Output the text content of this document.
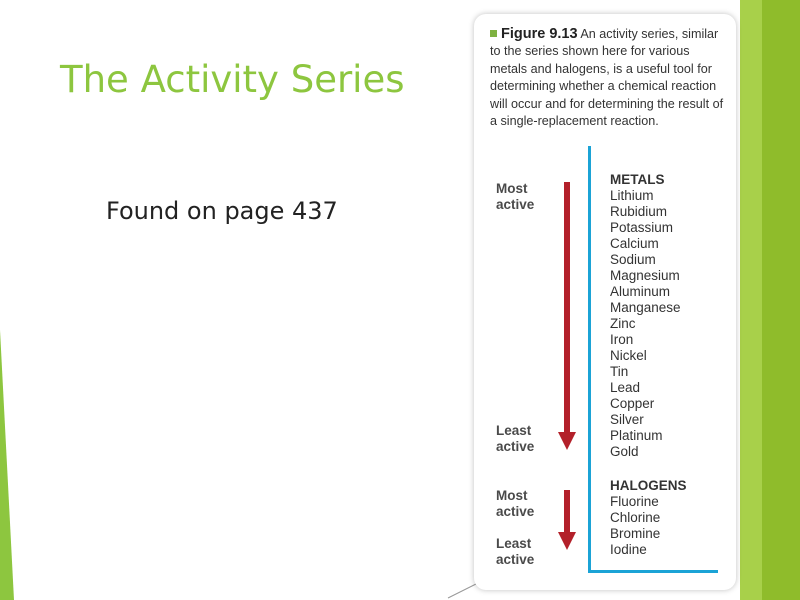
The Activity Series
Found on page 437
Figure 9.13 An activity series, similar to the series shown here for various metals and halogens, is a useful tool for determining whether a chemical reaction will occur and for determining the result of a single-replacement reaction.
Most active
Least active
METALS
Lithium
Rubidium
Potassium
Calcium
Sodium
Magnesium
Aluminum
Manganese
Zinc
Iron
Nickel
Tin
Lead
Copper
Silver
Platinum
Gold
HALOGENS
Most active
Least active
Fluorine
Chlorine
Bromine
Iodine
